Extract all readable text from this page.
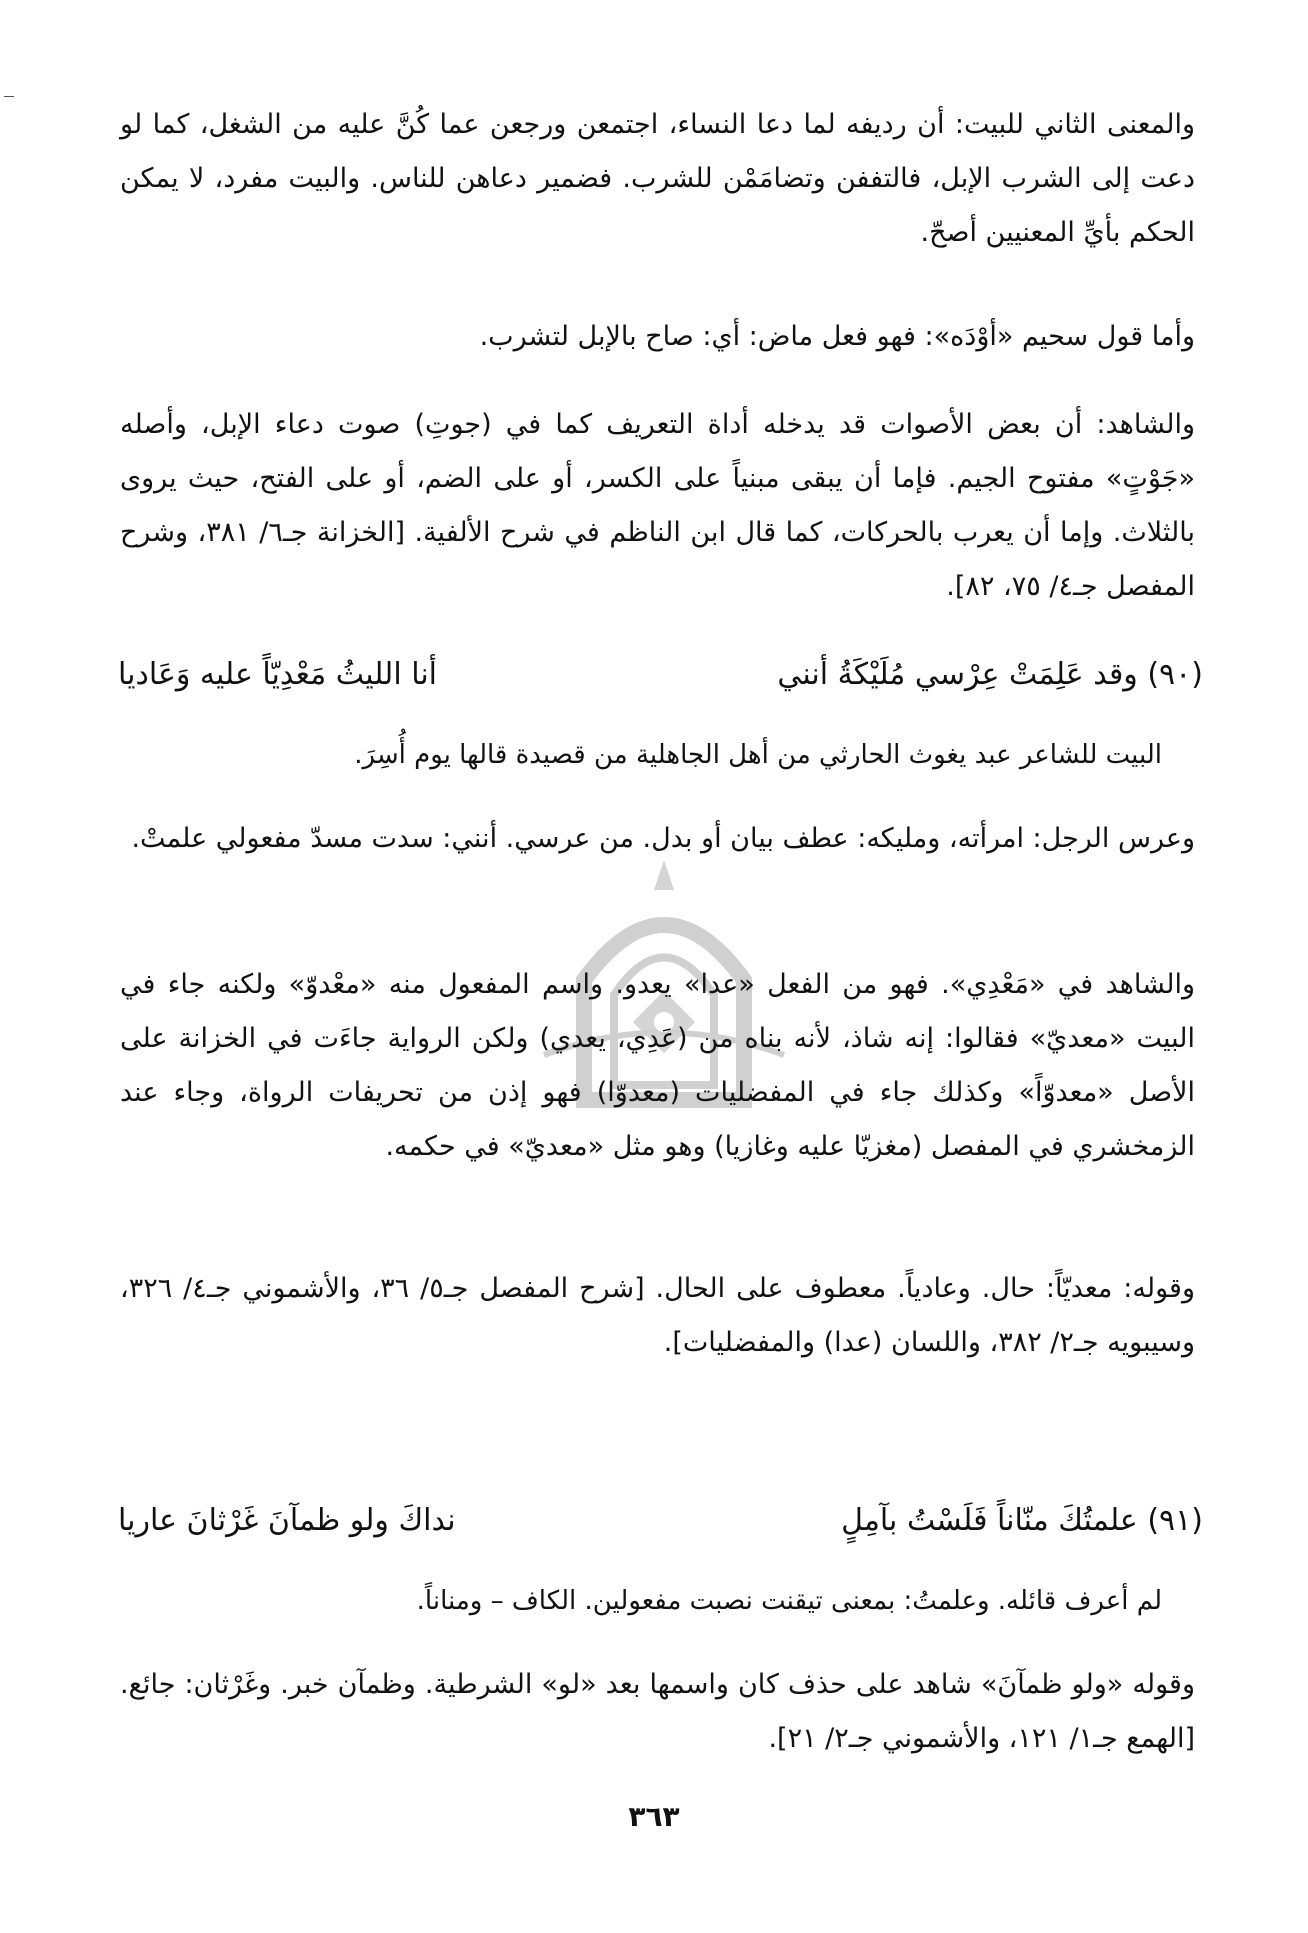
والمعنى الثاني للبيت: أن رديفه لما دعا النساء، اجتمعن ورجعن عما كُنَّ عليه من الشغل، كما لو دعت إلى الشرب الإبل، فالتففن وتضامَمْن للشرب. فضمير دعاهن للناس. والبيت مفرد، لا يمكن الحكم بأيِّ المعنيين أصحّ.

وأما قول سحيم «أوْدَه»: فهو فعل ماض: أي: صاح بالإبل لتشرب.

والشاهد: أن بعض الأصوات قد يدخله أداة التعريف كما في (جوتِ) صوت دعاء الإبل، وأصله «جَوْتٍ» مفتوح الجيم. فإما أن يبقى مبنياً على الكسر، أو على الضم، أو على الفتح، حيث يروى بالثلاث. وإما أن يعرب بالحركات، كما قال ابن الناظم في شرح الألفية. [الخزانة جـ٦/ ٣٨١، وشرح المفصل جـ٤/ ٧٥، ٨٢].

(٩٠) وقد عَلِمَتْ عِرْسي مُلَيْكَةُ أنني
أنا الليثُ مَعْدِيّاً عليه وَعَاديا

البيت للشاعر عبد يغوث الحارثي من أهل الجاهلية من قصيدة قالها يوم أُسِرَ.

وعرس الرجل: امرأته، ومليكه: عطف بيان أو بدل. من عرسي. أنني: سدت مسدّ مفعولي علمتْ.

والشاهد في «مَعْدِي». فهو من الفعل «عدا» يعدو. واسم المفعول منه «معْدوّ» ولكنه جاء في البيت «معديّ» فقالوا: إنه شاذ، لأنه بناه من (عَدِي، يعدي) ولكن الرواية جاءَت في الخزانة على الأصل «معدوّاً» وكذلك جاء في المفضليات (معدوّا) فهو إذن من تحريفات الرواة، وجاء عند الزمخشري في المفصل (مغزيّا عليه وغازيا) وهو مثل «معديّ» في حكمه.

وقوله: معديّاً: حال. وعادياً. معطوف على الحال. [شرح المفصل جـ٥/ ٣٦، والأشموني جـ٤/ ٣٢٦، وسيبويه جـ٢/ ٣٨٢، واللسان (عدا) والمفضليات].

(٩١) علمتُكَ منّاناً فَلَسْتُ بآمِلٍ
نداكَ ولو ظمآنَ غَرْثانَ عاريا

لم أعرف قائله. وعلمتُ: بمعنى تيقنت نصبت مفعولين. الكاف – ومناناً.

وقوله «ولو ظمآنَ» شاهد على حذف كان واسمها بعد «لو» الشرطية. وظمآن خبر. وغَرْثان: جائع. [الهمع جـ١/ ١٢١، والأشموني جـ٢/ ٢١].

٣٦٣
